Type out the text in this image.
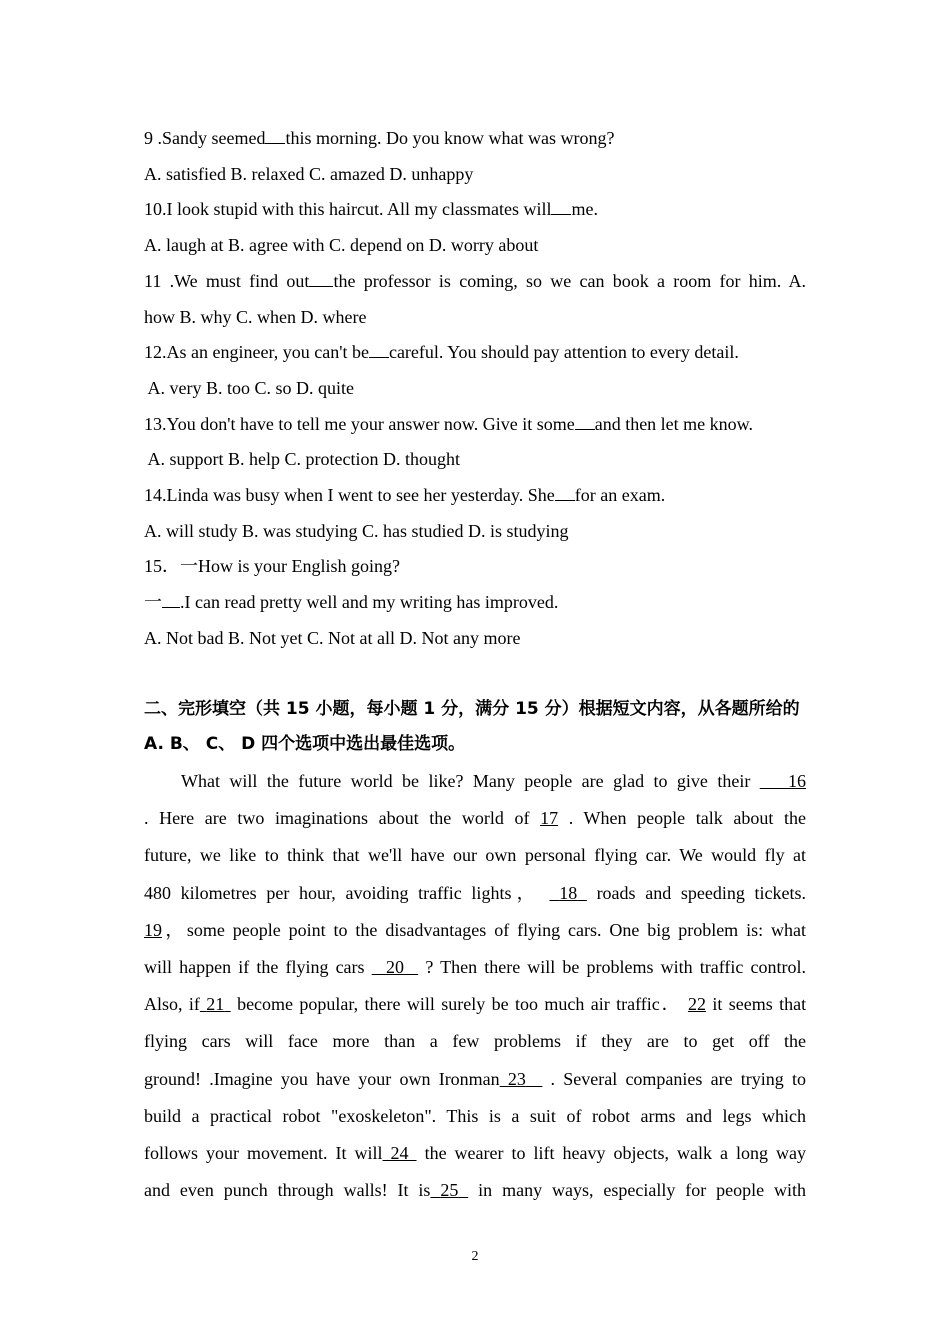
9 .Sandy seemed this morning. Do you know what was wrong?
A. satisfied B. relaxed C. amazed D. unhappy
10.I look stupid with this haircut. All my classmates will me.
A. laugh at B. agree with C. depend on D. worry about
11 .We must find out the professor is coming, so we can book a room for him. A.
how B. why C. when D. where
12.As an engineer, you can't be careful. You should pay attention to every detail.
A. very B. too C. so D. quite
13.You don't have to tell me your answer now. Give it some and then let me know.
A. support B. help C. protection D. thought
14.Linda was busy when I went to see her yesterday. She for an exam.
A. will study B. was studying C. has studied D. is studying
15．一How is your English going?
一 .I can read pretty well and my writing has improved.
A. Not bad B. Not yet C. Not at all D. Not any more
二、完形填空（共 15 小题，每小题 1 分，满分 15 分）根据短文内容，从各题所给的
A. B、 C、 D 四个选项中选出最佳选项。
What will the future world be like? Many people are glad to give their 16
. Here are two imaginations about the world of 17 . When people talk about the
future, we like to think that we'll have our own personal flying car. We would fly at
480 kilometres per hour, avoiding traffic lights， 18 roads and speeding tickets.
19，some people point to the disadvantages of flying cars. One big problem is: what
will happen if the flying cars 20 ? Then there will be problems with traffic control.
Also, if 21 become popular, there will surely be too much air traffic． 22 it seems that
flying cars will face more than a few problems if they are to get off the
ground! .Imagine you have your own Ironman 23 . Several companies are trying to
build a practical robot "exoskeleton". This is a suit of robot arms and legs which
follows your movement. It will 24 the wearer to lift heavy objects, walk a long way
and even punch through walls! It is 25 in many ways, especially for people with
2
